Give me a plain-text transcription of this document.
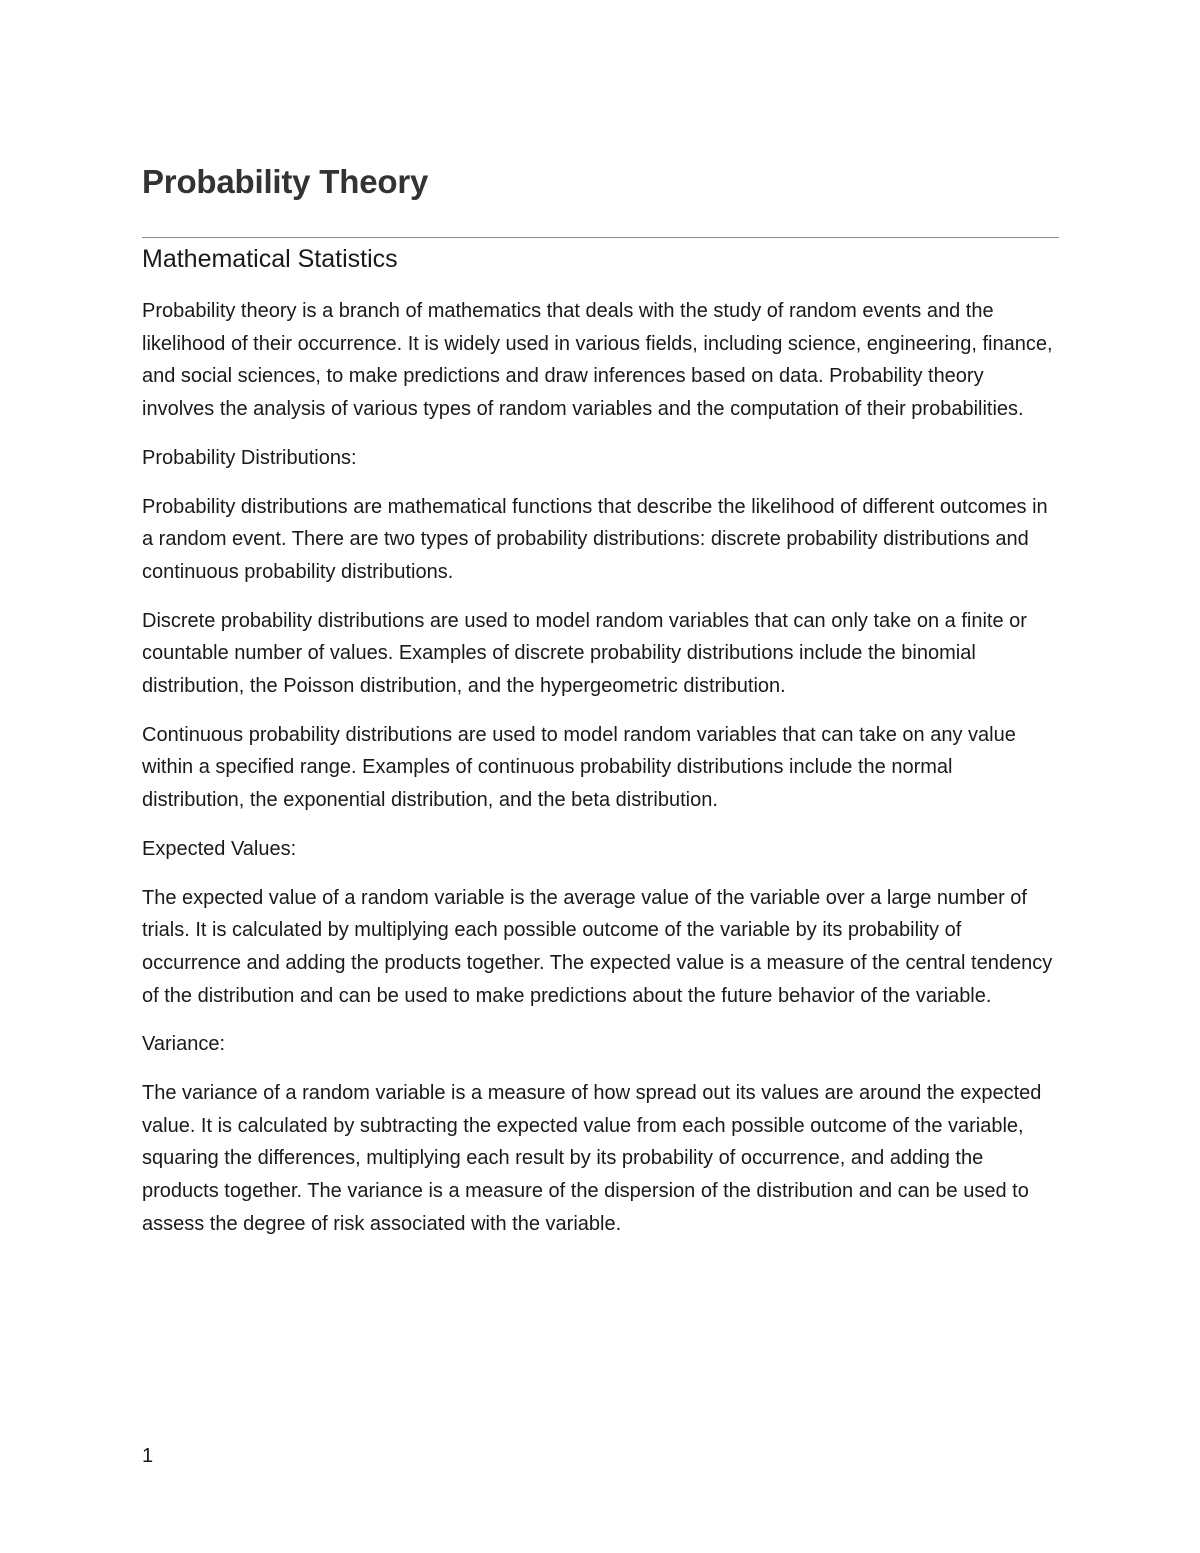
Probability Theory
Mathematical Statistics

Probability theory is a branch of mathematics that deals with the study of random events and the likelihood of their occurrence. It is widely used in various fields, including science, engineering, finance, and social sciences, to make predictions and draw inferences based on data. Probability theory involves the analysis of various types of random variables and the computation of their probabilities.

Probability Distributions:

Probability distributions are mathematical functions that describe the likelihood of different outcomes in a random event. There are two types of probability distributions: discrete probability distributions and continuous probability distributions.

Discrete probability distributions are used to model random variables that can only take on a finite or countable number of values. Examples of discrete probability distributions include the binomial distribution, the Poisson distribution, and the hypergeometric distribution.

Continuous probability distributions are used to model random variables that can take on any value within a specified range. Examples of continuous probability distributions include the normal distribution, the exponential distribution, and the beta distribution.

Expected Values:

The expected value of a random variable is the average value of the variable over a large number of trials. It is calculated by multiplying each possible outcome of the variable by its probability of occurrence and adding the products together. The expected value is a measure of the central tendency of the distribution and can be used to make predictions about the future behavior of the variable.

Variance:

The variance of a random variable is a measure of how spread out its values are around the expected value. It is calculated by subtracting the expected value from each possible outcome of the variable, squaring the differences, multiplying each result by its probability of occurrence, and adding the products together. The variance is a measure of the dispersion of the distribution and can be used to assess the degree of risk associated with the variable.

1
